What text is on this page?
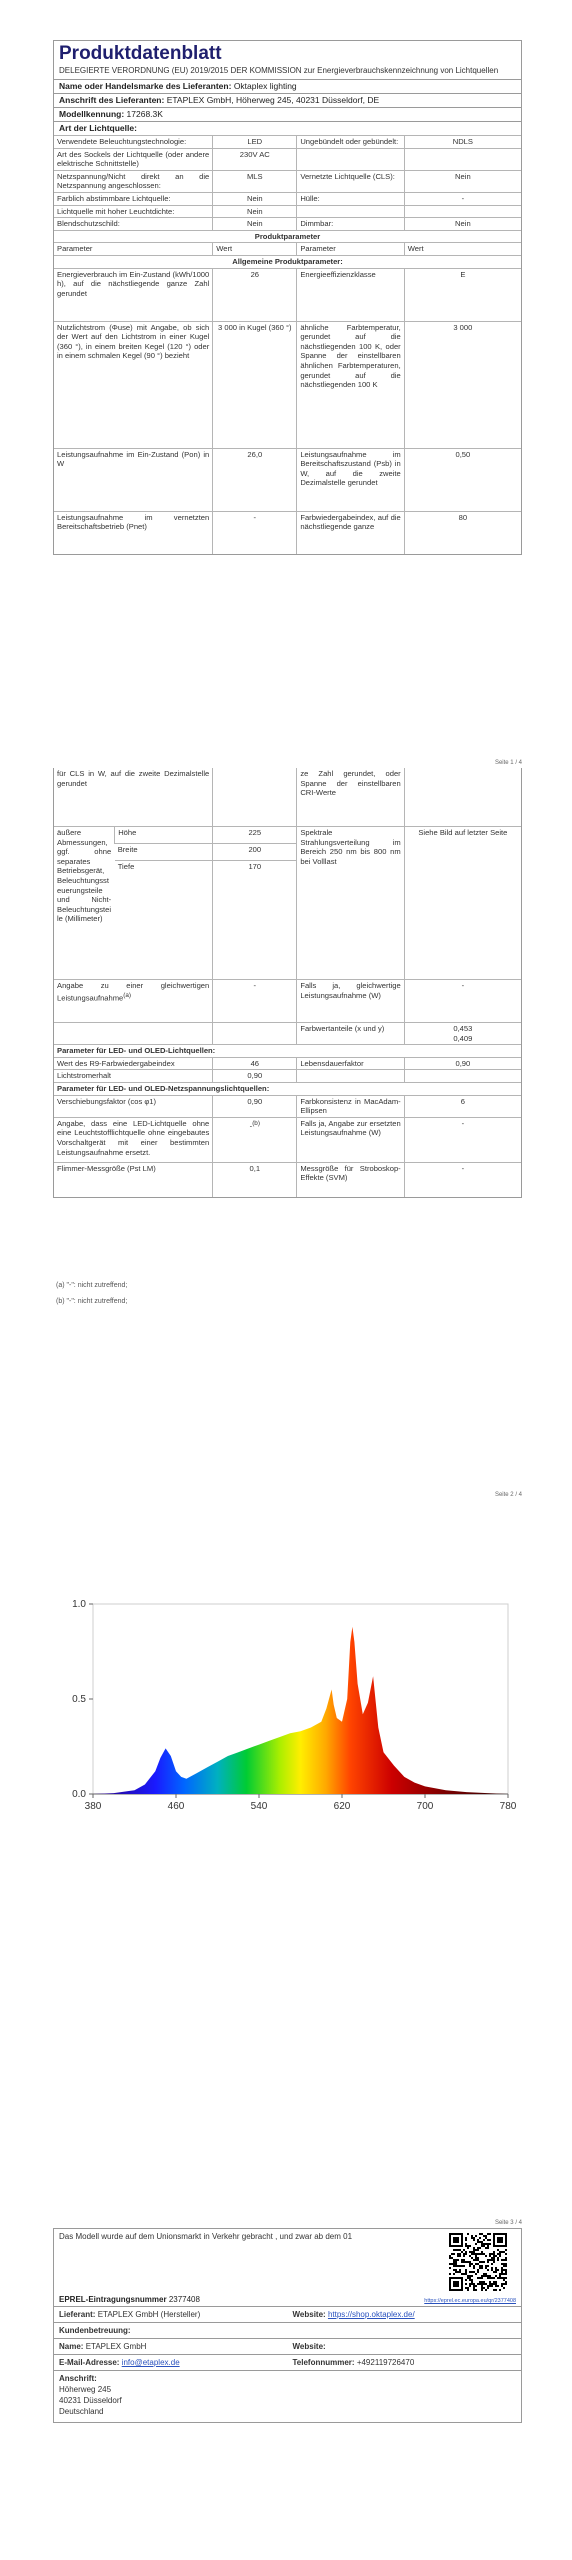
Produktdatenblatt
DELEGIERTE VERORDNUNG (EU) 2019/2015 DER KOMMISSION zur Energieverbrauchskennzeichnung von Lichtquellen
Name oder Handelsmarke des Lieferanten: Oktaplex lighting
Anschrift des Lieferanten: ETAPLEX GmbH, Höherweg 245, 40231 Düsseldorf, DE
Modellkennung: 17268.3K
Art der Lichtquelle:
Verwendete Beleuchtungstechnologie:	LED	Ungebündelt oder gebündelt:	NDLS
Art des Sockels der Lichtquelle (oder andere elektrische Schnittstelle)	230V AC		
Netzspannung/Nicht direkt an die Netzspannung angeschlossen:	MLS	Vernetzte Lichtquelle (CLS):	Nein
Farblich abstimmbare Lichtquelle:	Nein	Hülle:	-
Lichtquelle mit hoher Leuchtdichte:	Nein		
Blendschutzschild:	Nein	Dimmbar:	Nein
Produktparameter			
Parameter	Wert	Parameter	Wert
Allgemeine Produktparameter:			
Energieverbrauch im Ein-Zustand (kWh/1000 h), auf die nächstliegende ganze Zahl gerundet	26	Energieeffizienzklasse	E
Nutzlichtstrom (Φuse) mit Angabe, ob sich der Wert auf den Lichtstrom in einer Kugel (360 °), in einem breiten Kegel (120 °) oder in einem schmalen Kegel (90 °) bezieht	3 000 in Kugel (360 °)	ähnliche Farbtemperatur, gerundet auf die nächstliegenden 100 K, oder Spanne der einstellbaren ähnlichen Farbtemperaturen, gerundet auf die nächstliegenden 100 K	3 000
Leistungsaufnahme im Ein-Zustand (Pon) in W	26,0	Leistungsaufnahme im Bereitschaftszustand (Psb) in W, auf die zweite Dezimalstelle gerundet	0,50
Leistungsaufnahme im vernetzten Bereitschaftsbetrieb (Pnet)	-	Farbwiedergabeindex, auf die nächstliegende ganze	80
Seite 1 / 4
für CLS in W, auf die zweite Dezimalstelle gerundet			ze Zahl gerundet, oder Spanne der einstellbaren CRI-Werte	
äußere Abmessungen, ggf. ohne separates Betriebsgerät, Beleuchtungssteuerungsteile und Nicht-Beleuchtungsteile (Millimeter)	Höhe	225	Spektrale Strahlungsverteilung im Bereich 250 nm bis 800 nm bei Volllast	Siehe Bild auf letzter Seite
	Breite	200		
	Tiefe	170		

Angabe zu einer gleichwertigen Leistungsaufnahme$^{(a)}$		-	Falls ja, gleichwertige Leistungsaufnahme (W)	-
			Farbwertanteile (x und y)	0,453
0,409

Parameter für LED- und OLED-Lichtquellen:				
Wert des R9-Farbwiedergabeindex		46	Lebensdauerfaktor	0,90
Lichtstromerhalt		0,90		
Parameter für LED- und OLED-Netzspannungslichtquellen:				
Verschiebungsfaktor (cos φ1)		0,90	Farbkonsistenz in MacAdam-Ellipsen	6
Angabe, dass eine LED-Lichtquelle ohne eine Leuchtstofflichtquelle ohne eingebautes Vorschaltgerät mit einer bestimmten Leistungsaufnahme ersetzt.		-$^{(b)}$	Falls ja, Angabe zur ersetzten Leistungsaufnahme (W)	-
Flimmer-Messgröße (Pst LM)		0,1	Messgröße für Stroboskop-Effekte (SVM)	-
(a) "-": nicht zutreffend;
(b) "-": nicht zutreffend;
Seite 2 / 4
380	460	540	620	700	780
0.0
0.5
1.0
Seite 3 / 4
Das Modell wurde auf dem Unionsmarkt in Verkehr gebracht , und zwar ab dem 01
EPREL-Eintragungsnummer 2377408	https://eprel.ec.europa.eu/qr/2377408
Lieferant: ETAPLEX GmbH (Hersteller)	Website: https://shop.oktaplex.de/
Kundenbetreuung:
Name: ETAPLEX GmbH	Website:
E-Mail-Adresse: info@etaplex.de	Telefonnummer: +492119726470
Anschrift:
Höherweg 245
40231 Düsseldorf
Deutschland
